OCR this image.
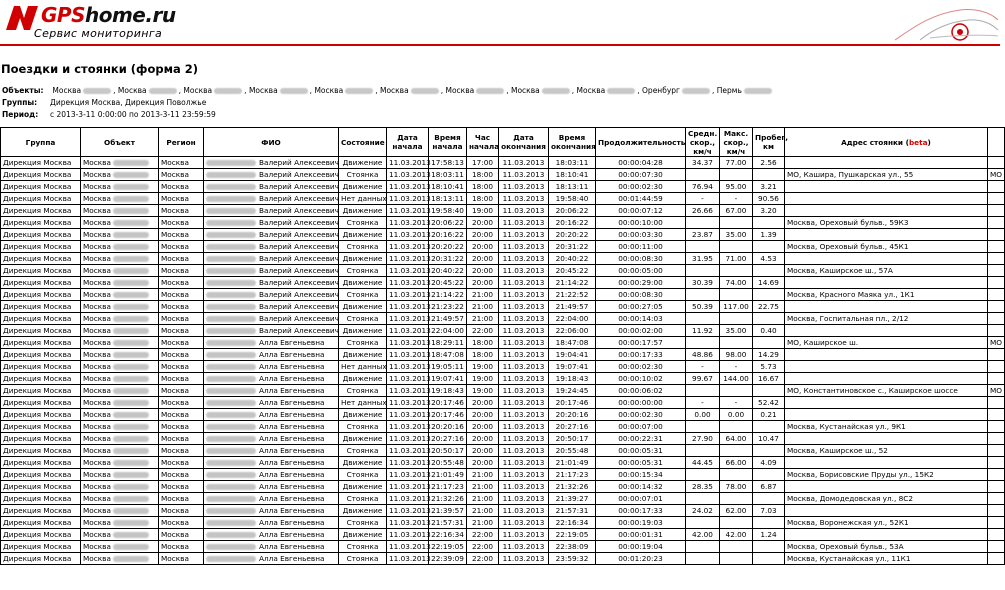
GPShome.ru
Сервис мониторинга
Поездки и стоянки (форма 2)
Объекты: Москва	, Москва	, Москва	, Москва	, Москва	, Москва	, Москва	, Москва	, Москва	, Оренбург	, Пермь
Группы: Дирекция Москва, Дирекция Поволжье
Период: с 2013-3-11 0:00:00 по 2013-3-11 23:59:59
Группа	Объект	Регион	ФИО	Состояние	Дата начала	Время начала	Час начала	Дата окончания	Время окончания	Продолжительность	Средн. скор., км/ч	Макс. скор., км/ч	Пробег, км	Адрес стоянки (beta)	
Дирекция Москва	Москва	Москва	Валерий Алексеевич	Движение	11.03.2013	17:58:13	17:00	11.03.2013	18:03:11	00:00:04:28	34.37	77.00	2.56		
Дирекция Москва	Москва	Москва	Валерий Алексеевич	Стоянка	11.03.2013	18:03:11	18:00	11.03.2013	18:10:41	00:00:07:30				МО, Кашира, Пушкарская ул., 55	МО
Дирекция Москва	Москва	Москва	Валерий Алексеевич	Движение	11.03.2013	18:10:41	18:00	11.03.2013	18:13:11	00:00:02:30	76.94	95.00	3.21		
Дирекция Москва	Москва	Москва	Валерий Алексеевич	Нет данных	11.03.2013	18:13:11	18:00	11.03.2013	19:58:40	00:01:44:59	-	-	90.56		
Дирекция Москва	Москва	Москва	Валерий Алексеевич	Движение	11.03.2013	19:58:40	19:00	11.03.2013	20:06:22	00:00:07:12	26.66	67.00	3.20		
Дирекция Москва	Москва	Москва	Валерий Алексеевич	Стоянка	11.03.2013	20:06:22	20:00	11.03.2013	20:16:22	00:00:10:00				Москва, Ореховый бульв., 59К3	
Дирекция Москва	Москва	Москва	Валерий Алексеевич	Движение	11.03.2013	20:16:22	20:00	11.03.2013	20:20:22	00:00:03:30	23.87	35.00	1.39		
Дирекция Москва	Москва	Москва	Валерий Алексеевич	Стоянка	11.03.2013	20:20:22	20:00	11.03.2013	20:31:22	00:00:11:00				Москва, Ореховый бульв., 45К1	
Дирекция Москва	Москва	Москва	Валерий Алексеевич	Движение	11.03.2013	20:31:22	20:00	11.03.2013	20:40:22	00:00:08:30	31.95	71.00	4.53		
Дирекция Москва	Москва	Москва	Валерий Алексеевич	Стоянка	11.03.2013	20:40:22	20:00	11.03.2013	20:45:22	00:00:05:00				Москва, Каширское ш., 57А	
Дирекция Москва	Москва	Москва	Валерий Алексеевич	Движение	11.03.2013	20:45:22	20:00	11.03.2013	21:14:22	00:00:29:00	30.39	74.00	14.69		
Дирекция Москва	Москва	Москва	Валерий Алексеевич	Стоянка	11.03.2013	21:14:22	21:00	11.03.2013	21:22:52	00:00:08:30				Москва, Красного Маяка ул., 1К1	
Дирекция Москва	Москва	Москва	Валерий Алексеевич	Движение	11.03.2013	21:23:22	21:00	11.03.2013	21:49:57	00:00:27:05	50.39	117.00	22.75		
Дирекция Москва	Москва	Москва	Валерий Алексеевич	Стоянка	11.03.2013	21:49:57	21:00	11.03.2013	22:04:00	00:00:14:03				Москва, Госпитальная пл., 2/12	
Дирекция Москва	Москва	Москва	Валерий Алексеевич	Движение	11.03.2013	22:04:00	22:00	11.03.2013	22:06:00	00:00:02:00	11.92	35.00	0.40		
Дирекция Москва	Москва	Москва	Алла Евгеньевна	Стоянка	11.03.2013	18:29:11	18:00	11.03.2013	18:47:08	00:00:17:57				МО, Каширское ш.	МО
Дирекция Москва	Москва	Москва	Алла Евгеньевна	Движение	11.03.2013	18:47:08	18:00	11.03.2013	19:04:41	00:00:17:33	48.86	98.00	14.29		
Дирекция Москва	Москва	Москва	Алла Евгеньевна	Нет данных	11.03.2013	19:05:11	19:00	11.03.2013	19:07:41	00:00:02:30	-	-	5.73		
Дирекция Москва	Москва	Москва	Алла Евгеньевна	Движение	11.03.2013	19:07:41	19:00	11.03.2013	19:18:43	00:00:10:02	99.67	144.00	16.67		
Дирекция Москва	Москва	Москва	Алла Евгеньевна	Стоянка	11.03.2013	19:18:43	19:00	11.03.2013	19:24:45	00:00:06:02				МО, Константиновское с., Каширское шоссе	МО
Дирекция Москва	Москва	Москва	Алла Евгеньевна	Нет данных	11.03.2013	20:17:46	20:00	11.03.2013	20:17:46	00:00:00:00	-	-	52.42		
Дирекция Москва	Москва	Москва	Алла Евгеньевна	Движение	11.03.2013	20:17:46	20:00	11.03.2013	20:20:16	00:00:02:30	0.00	0.00	0.21		
Дирекция Москва	Москва	Москва	Алла Евгеньевна	Стоянка	11.03.2013	20:20:16	20:00	11.03.2013	20:27:16	00:00:07:00				Москва, Кустанайская ул., 9К1	
Дирекция Москва	Москва	Москва	Алла Евгеньевна	Движение	11.03.2013	20:27:16	20:00	11.03.2013	20:50:17	00:00:22:31	27.90	64.00	10.47		
Дирекция Москва	Москва	Москва	Алла Евгеньевна	Стоянка	11.03.2013	20:50:17	20:00	11.03.2013	20:55:48	00:00:05:31				Москва, Каширское ш., 52	
Дирекция Москва	Москва	Москва	Алла Евгеньевна	Движение	11.03.2013	20:55:48	20:00	11.03.2013	21:01:49	00:00:05:31	44.45	66.00	4.09		
Дирекция Москва	Москва	Москва	Алла Евгеньевна	Стоянка	11.03.2013	21:01:49	21:00	11.03.2013	21:17:23	00:00:15:34				Москва, Борисовские Пруды ул., 15К2	
Дирекция Москва	Москва	Москва	Алла Евгеньевна	Движение	11.03.2013	21:17:23	21:00	11.03.2013	21:32:26	00:00:14:32	28.35	78.00	6.87		
Дирекция Москва	Москва	Москва	Алла Евгеньевна	Стоянка	11.03.2013	21:32:26	21:00	11.03.2013	21:39:27	00:00:07:01				Москва, Домодедовская ул., 8С2	
Дирекция Москва	Москва	Москва	Алла Евгеньевна	Движение	11.03.2013	21:39:57	21:00	11.03.2013	21:57:31	00:00:17:33	24.02	62.00	7.03		
Дирекция Москва	Москва	Москва	Алла Евгеньевна	Стоянка	11.03.2013	21:57:31	21:00	11.03.2013	22:16:34	00:00:19:03				Москва, Воронежская ул., 52К1	
Дирекция Москва	Москва	Москва	Алла Евгеньевна	Движение	11.03.2013	22:16:34	22:00	11.03.2013	22:19:05	00:00:01:31	42.00	42.00	1.24		
Дирекция Москва	Москва	Москва	Алла Евгеньевна	Стоянка	11.03.2013	22:19:05	22:00	11.03.2013	22:38:09	00:00:19:04				Москва, Ореховый бульв., 53А	
Дирекция Москва	Москва	Москва	Алла Евгеньевна	Стоянка	11.03.2013	22:39:09	22:00	11.03.2013	23:59:32	00:01:20:23				Москва, Кустанайская ул., 11К1	
